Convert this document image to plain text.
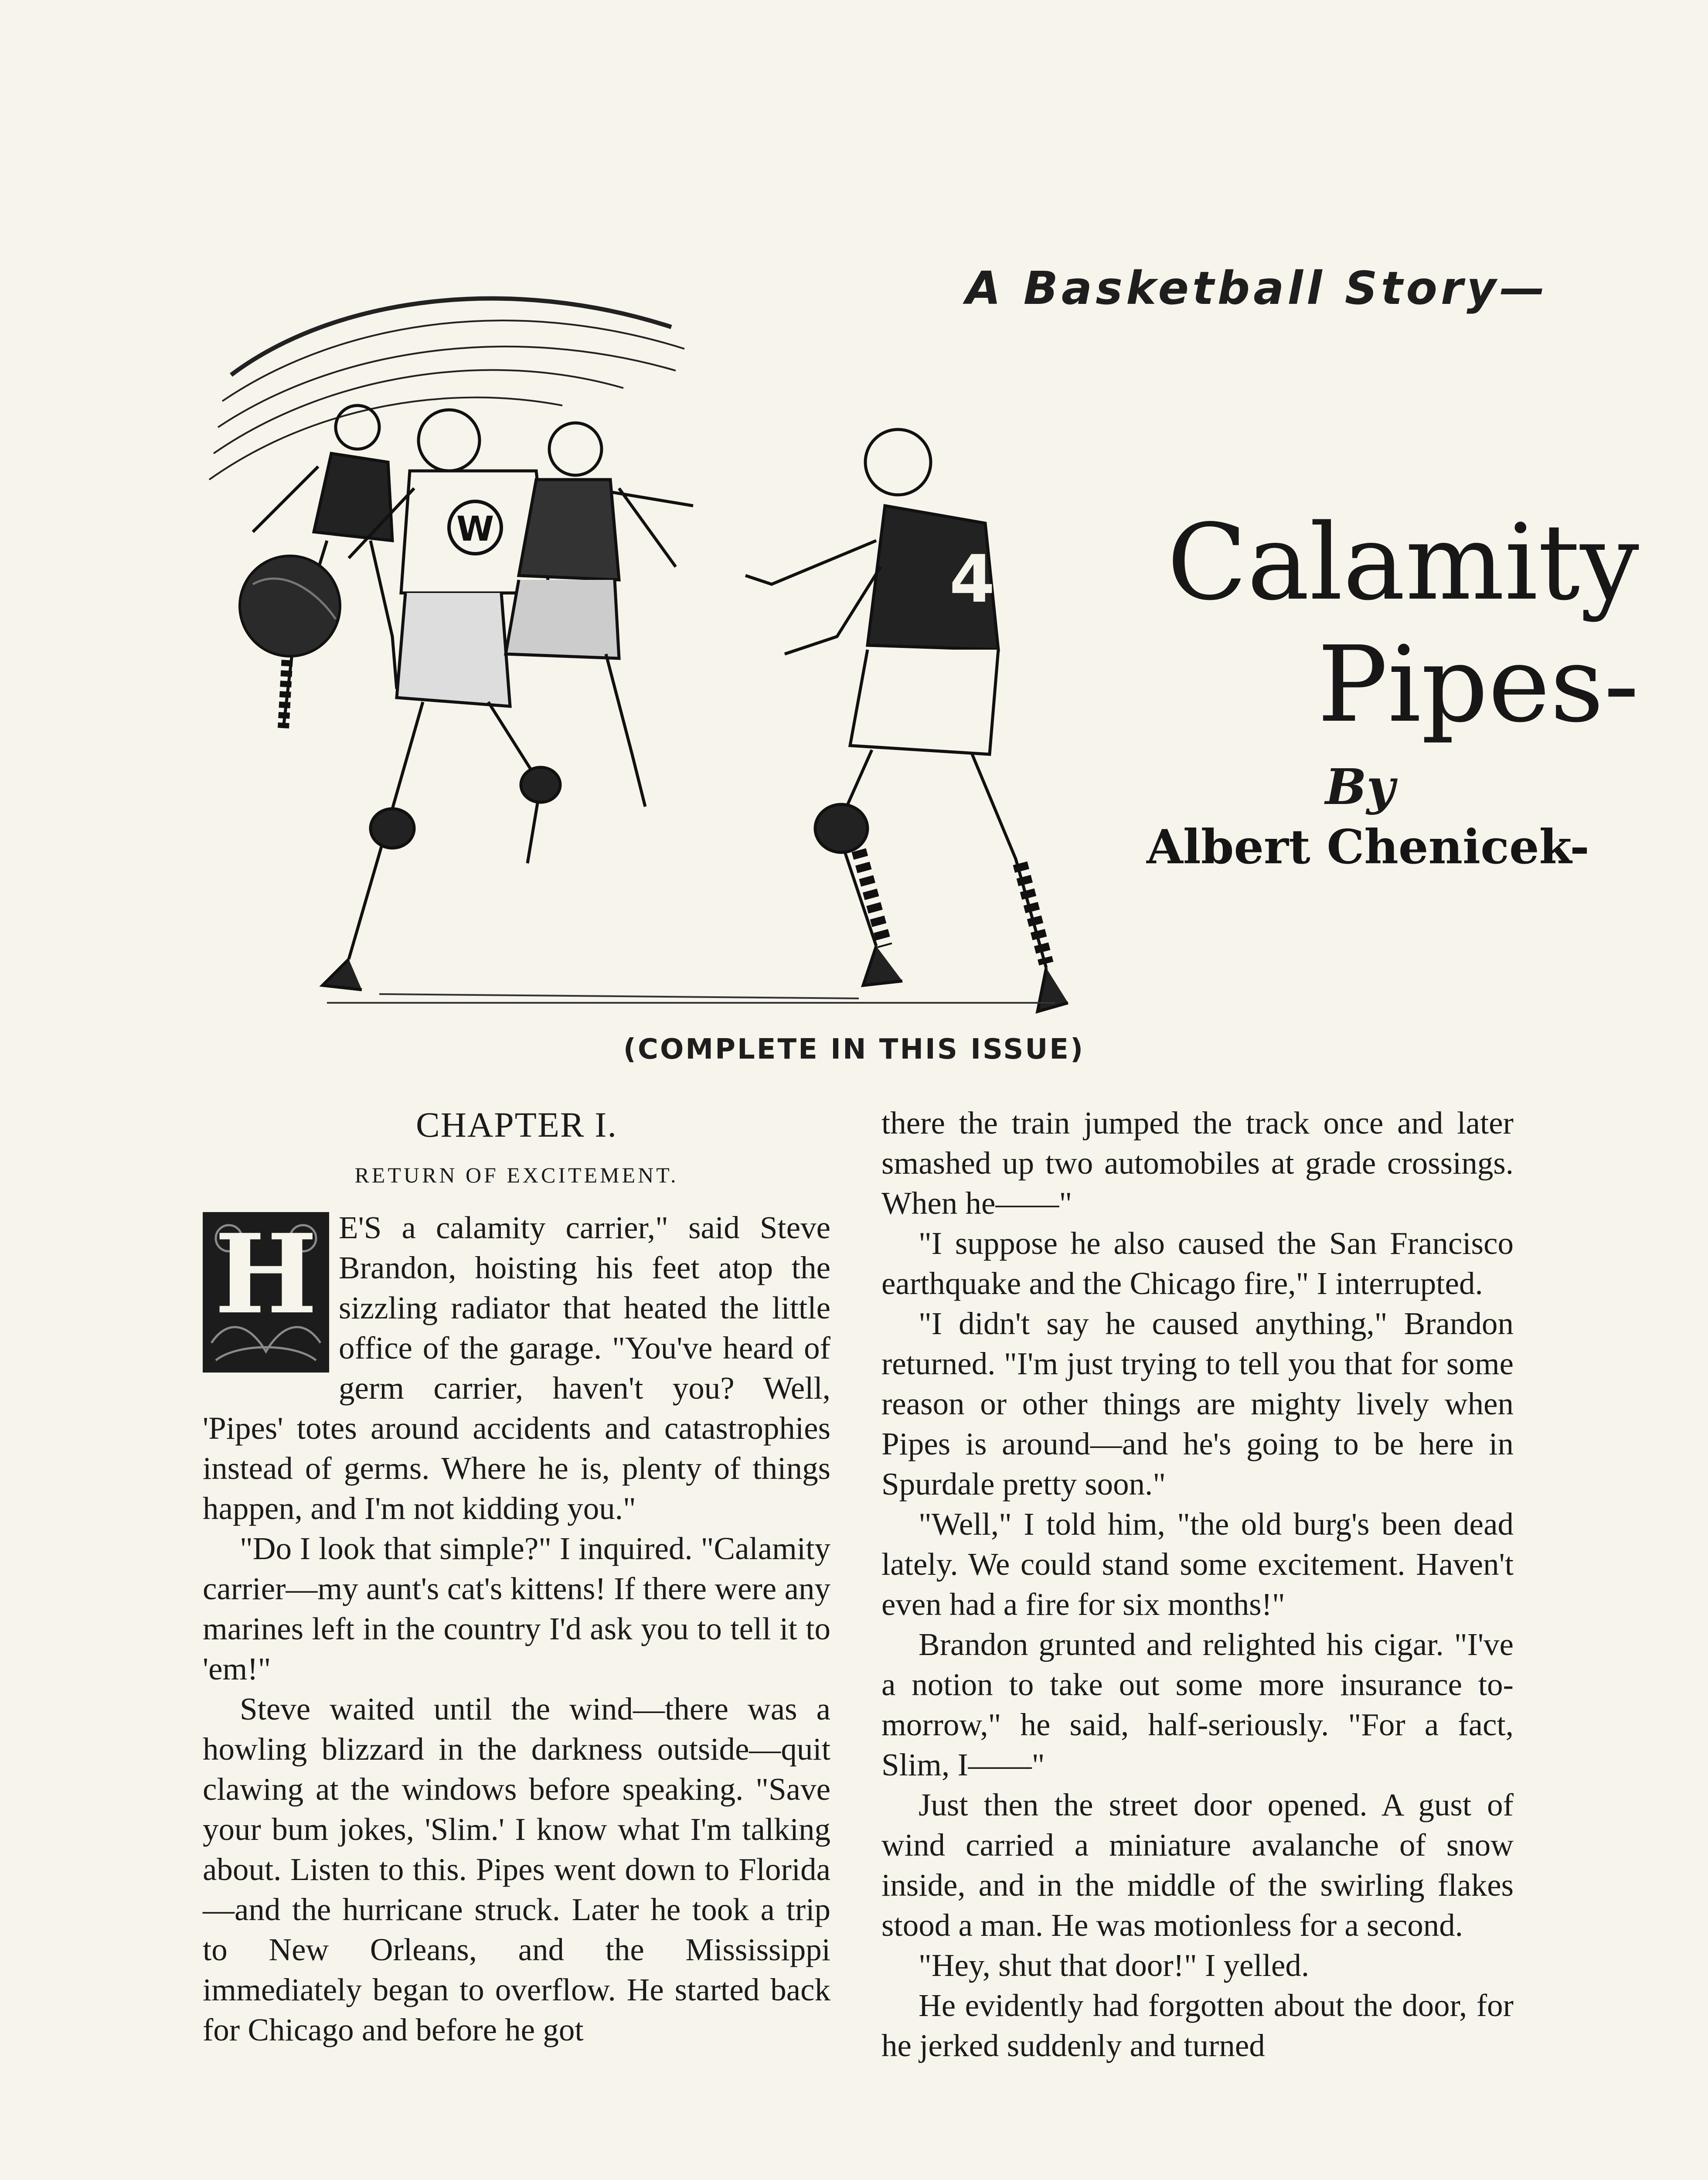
W
4
A Basketball Story—
Calamity
Pipes-
By
Albert Chenicek-
(COMPLETE IN THIS ISSUE)
CHAPTER I.
RETURN OF EXCITEMENT.
H E'S a calamity carrier," said Steve Brandon, hoisting his feet atop the sizzling radiator that heated the little office of the garage. "You've heard of germ carrier, haven't you? Well, 'Pipes' totes around accidents and catastrophies instead of germs. Where he is, plenty of things happen, and I'm not kidding you."

"Do I look that simple?" I inquired. "Calamity carrier—my aunt's cat's kittens! If there were any marines left in the country I'd ask you to tell it to 'em!"

Steve waited until the wind—there was a howling blizzard in the darkness outside—quit clawing at the windows before speaking. "Save your bum jokes, 'Slim.' I know what I'm talking about. Listen to this. Pipes went down to Florida—and the hurricane struck. Later he took a trip to New Orleans, and the Mississippi immediately began to overflow. He started back for Chicago and before he got

there the train jumped the track once and later smashed up two automobiles at grade crossings. When he——"

"I suppose he also caused the San Francisco earthquake and the Chicago fire," I interrupted.

"I didn't say he caused anything," Brandon returned. "I'm just trying to tell you that for some reason or other things are mighty lively when Pipes is around—and he's going to be here in Spurdale pretty soon."

"Well," I told him, "the old burg's been dead lately. We could stand some excitement. Haven't even had a fire for six months!"

Brandon grunted and relighted his cigar. "I've a notion to take out some more insurance to-morrow," he said, half-seriously. "For a fact, Slim, I——"

Just then the street door opened. A gust of wind carried a miniature avalanche of snow inside, and in the middle of the swirling flakes stood a man. He was motionless for a second.

"Hey, shut that door!" I yelled.

He evidently had forgotten about the door, for he jerked suddenly and turned
